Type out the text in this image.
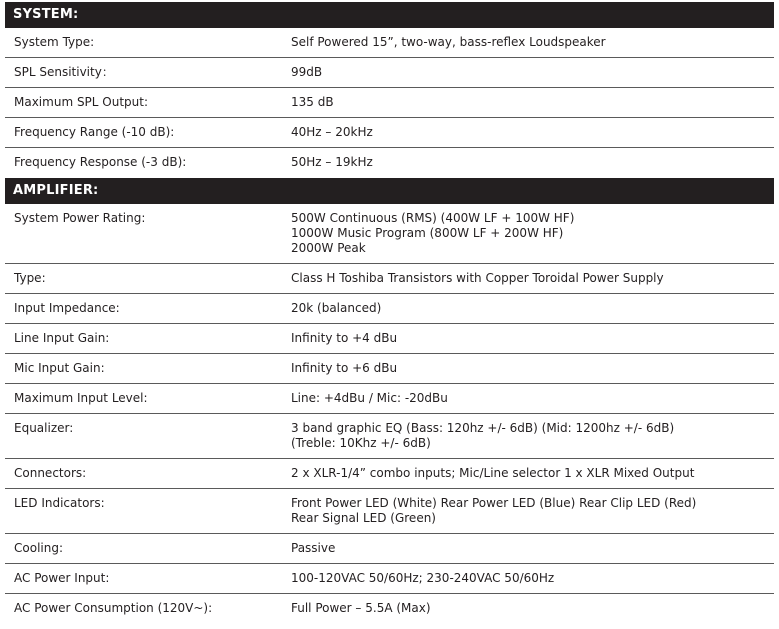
SYSTEM:
System Type:	Self Powered 15”, two-way, bass-reflex Loudspeaker
SPL Sensitivity：	99dB
Maximum SPL Output:	135 dB
Frequency Range (-10 dB):	40Hz – 20kHz
Frequency Response (-3 dB):	50Hz – 19kHz
AMPLIFIER:
System Power Rating:	500W Continuous (RMS) (400W LF + 100W HF)
1000W Music Program (800W LF + 200W HF)
2000W Peak
Type:	Class H Toshiba Transistors with Copper Toroidal Power Supply
Input Impedance:	20k (balanced)
Line Input Gain:	Infinity to +4 dBu
Mic Input Gain:	Infinity to +6 dBu
Maximum Input Level:	Line: +4dBu / Mic: -20dBu
Equalizer:	3 band graphic EQ (Bass: 120hz +/- 6dB) (Mid: 1200hz +/- 6dB)
(Treble: 10Khz +/- 6dB)
Connectors:	2 x XLR-1/4” combo inputs; Mic/Line selector 1 x XLR Mixed Output
LED Indicators:	Front Power LED (White) Rear Power LED (Blue) Rear Clip LED (Red)
Rear Signal LED (Green)
Cooling:	Passive
AC Power Input:	100-120VAC 50/60Hz; 230-240VAC 50/60Hz
AC Power Consumption (120V~):	Full Power – 5.5A (Max)
